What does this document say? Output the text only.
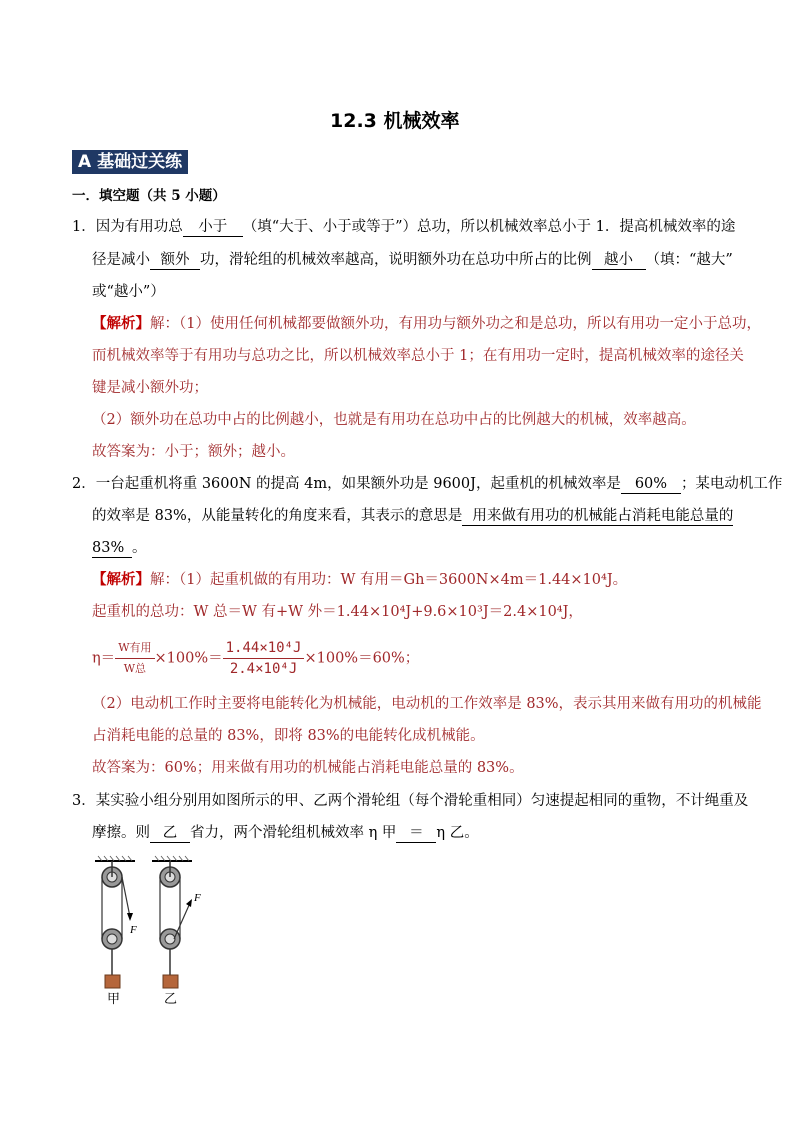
12.3 机械效率
A 基础过关练
一．填空题（共 5 小题）
1．因为有用功总 小于 （填“大于、小于或等于”）总功，所以机械效率总小于 1．提高机械效率的途
径是减小 额外 功，滑轮组的机械效率越高，说明额外功在总功中所占的比例 越小 （填：“越大”
或“越小”）
【解析】解：（1）使用任何机械都要做额外功，有用功与额外功之和是总功，所以有用功一定小于总功，
而机械效率等于有用功与总功之比，所以机械效率总小于 1；在有用功一定时，提高机械效率的途径关
键是减小额外功；
（2）额外功在总功中占的比例越小，也就是有用功在总功中占的比例越大的机械，效率越高。
故答案为：小于；额外；越小。
2．一台起重机将重 3600N 的提高 4m，如果额外功是 9600J，起重机的机械效率是 60% ；某电动机工作
的效率是 83%，从能量转化的角度来看，其表示的意思是 用来做有用功的机械能占消耗电能总量的
83% 。
【解析】解：（1）起重机做的有用功：W 有用＝Gh＝3600N×4m＝1.44×10⁴J。
起重机的总功：W 总＝W 有+W 外＝1.44×10⁴J+9.6×10³J＝2.4×10⁴J，
$\eta= \frac{\text{W有用}}{\text{W总}} \times 100\%= \frac{\text{1.44×10⁴J}}{\text{2.4×10⁴J}} \times 100\%=60\%$；
（2）电动机工作时主要将电能转化为机械能，电动机的工作效率是 83%，表示其用来做有用功的机械能
占消耗电能的总量的 83%，即将 83%的电能转化成机械能。
故答案为：60%；用来做有用功的机械能占消耗电能总量的 83%。
3．某实验小组分别用如图所示的甲、乙两个滑轮组（每个滑轮重相同）匀速提起相同的重物，不计绳重及
摩擦。则 乙 省力，两个滑轮组机械效率 η 甲 ＝ η 乙。
F
甲
F
乙
